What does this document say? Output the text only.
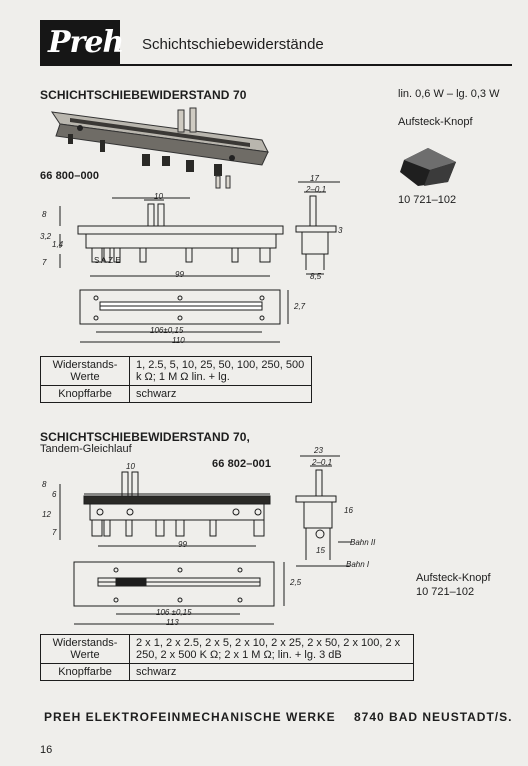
Preh Schichtschiebewiderstände
SCHICHTSCHIEBEWIDERSTAND 70	lin. 0,6 W – lg. 0,3 W
Aufsteck-Knopf
10 721–102
66 800–000
10
99
8
3,2
1,4
7	S A Z E
17
2–0,1
3
8,5
2,7
106±0,15
110
Widerstands-Werte	1, 2.5, 5, 10, 25, 50, 100, 250, 500 k Ω; 1 M Ω lin. + lg.
Knopffarbe	schwarz
SCHICHTSCHIEBEWIDERSTAND 70,
Tandem-Gleichlauf
66 802–001
10
99
8
6
12
7
23
2–0,1
16
15
Bahn II
Bahn I
2,5
106 ±0,15
113
Aufsteck-Knopf
10 721–102
Widerstands-Werte	2 x 1, 2 x 2.5, 2 x 5, 2 x 10, 2 x 25, 2 x 50, 2 x 100, 2 x 250, 2 x 500 K Ω; 2 x 1 M Ω; lin. + lg. 3 dB
Knopffarbe	schwarz
PREH ELEKTROFEINMECHANISCHE WERKE 8740 BAD NEUSTADT/S.
16
